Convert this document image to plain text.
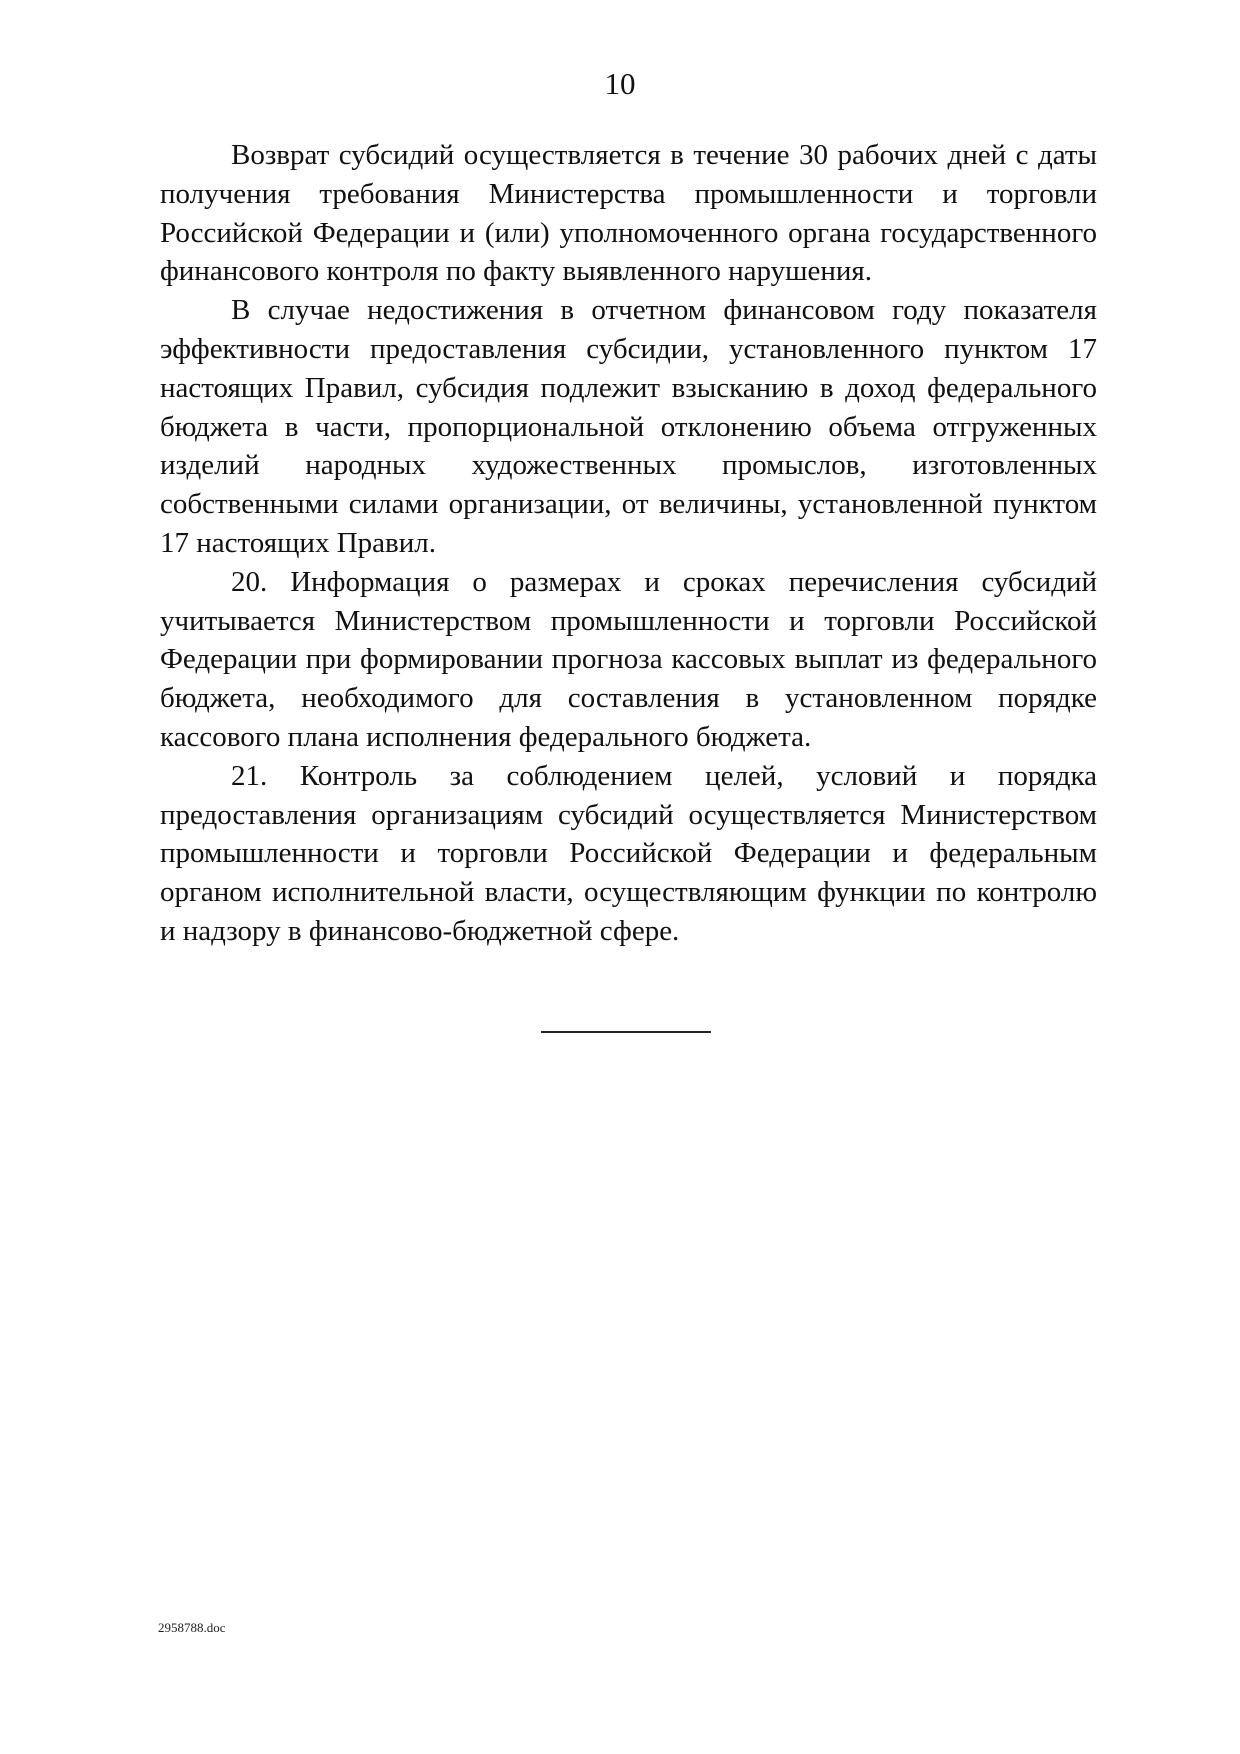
10

Возврат субсидий осуществляется в течение 30 рабочих дней с даты получения требования Министерства промышленности и торговли Российской Федерации и (или) уполномоченного органа государственного финансового контроля по факту выявленного нарушения.

В случае недостижения в отчетном финансовом году показателя эффективности предоставления субсидии, установленного пунктом 17 настоящих Правил, субсидия подлежит взысканию в доход федерального бюджета в части, пропорциональной отклонению объема отгруженных изделий народных художественных промыслов, изготовленных собственными силами организации, от величины, установленной пунктом 17 настоящих Правил.

20. Информация о размерах и сроках перечисления субсидий учитывается Министерством промышленности и торговли Российской Федерации при формировании прогноза кассовых выплат из федерального бюджета, необходимого для составления в установленном порядке кассового плана исполнения федерального бюджета.

21. Контроль за соблюдением целей, условий и порядка предоставления организациям субсидий осуществляется Министерством промышленности и торговли Российской Федерации и федеральным органом исполнительной власти, осуществляющим функции по контролю и надзору в финансово-бюджетной сфере.

2958788.doc
